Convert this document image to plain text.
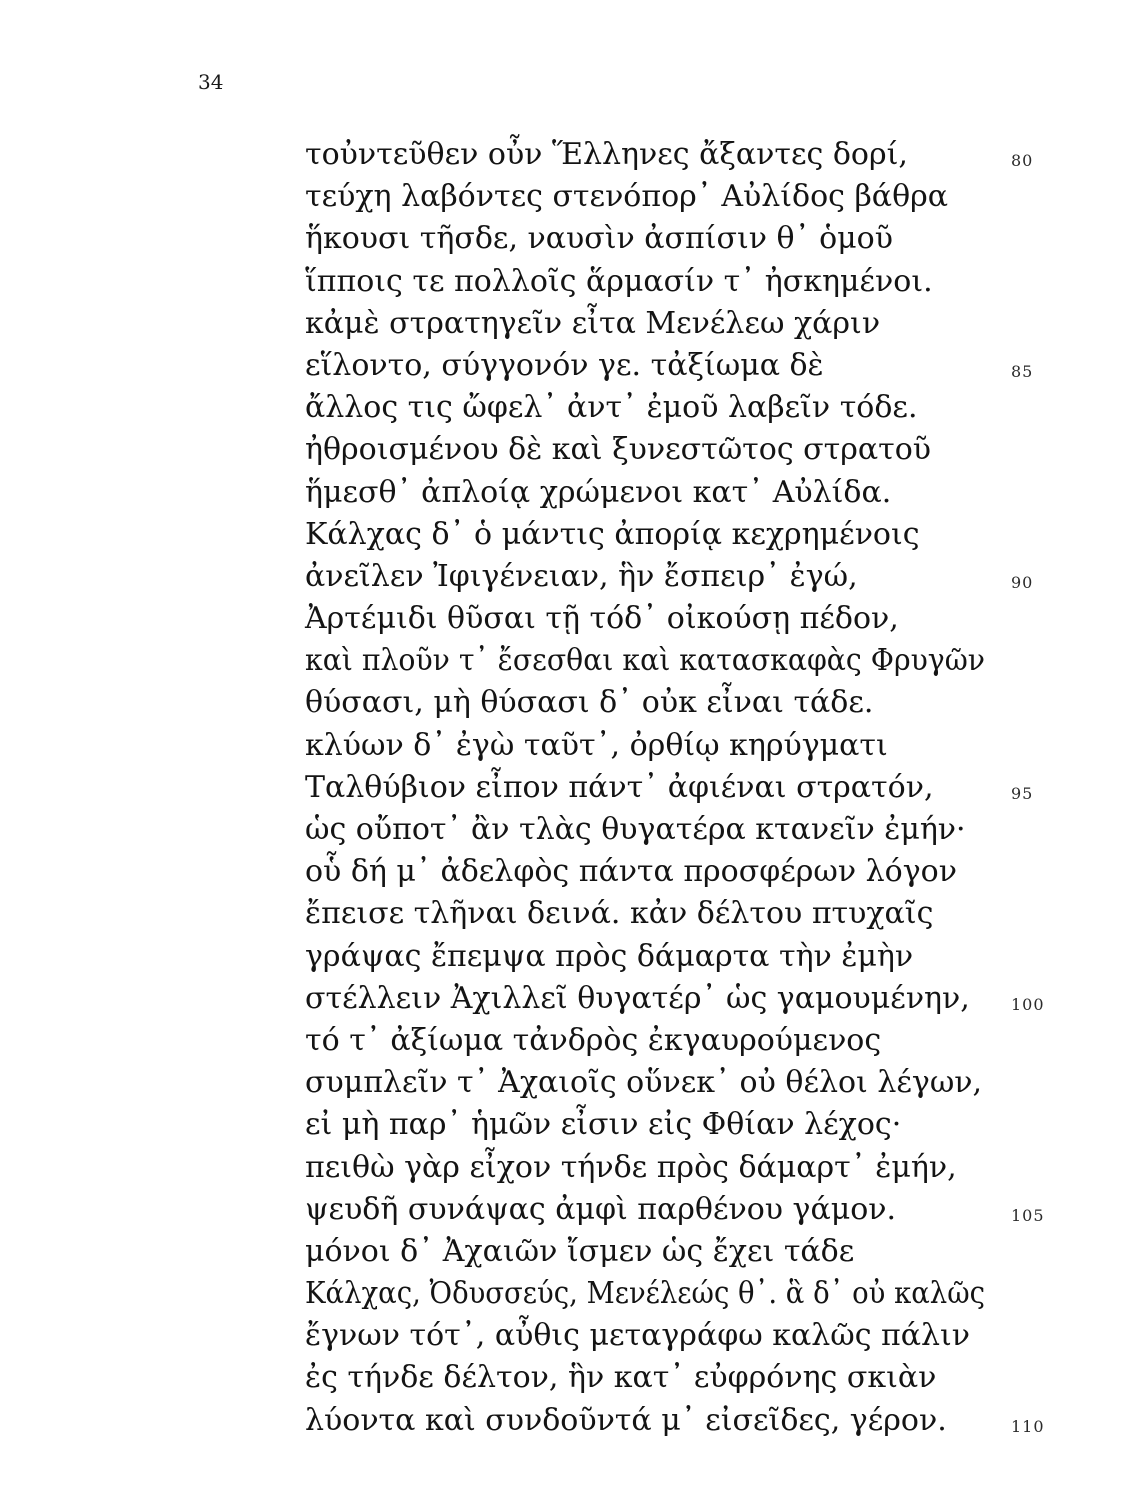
34
τοὐντεῦθεν οὖν Ἕλληνες ἄξαντες δορί,	80
τεύχη λαβόντες στενόπορ᾽ Αὐλίδος βάθρα
ἥκουσι τῆσδε, ναυσὶν ἀσπίσιν θ᾽ ὁμοῦ
ἵπποις τε πολλοῖς ἅρμασίν τ᾽ ἠσκημένοι.
κἀμὲ στρατηγεῖν εἶτα Μενέλεω χάριν
εἵλοντο, σύγγονόν γε. τἀξίωμα δὲ	85
ἄλλος τις ὤφελ᾽ ἀντ᾽ ἐμοῦ λαβεῖν τόδε.
ἠθροισμένου δὲ καὶ ξυνεστῶτος στρατοῦ
ἥμεσθ᾽ ἀπλοίᾳ χρώμενοι κατ᾽ Αὐλίδα.
Κάλχας δ᾽ ὁ μάντις ἀπορίᾳ κεχρημένοις
ἀνεῖλεν Ἰφιγένειαν, ἣν ἔσπειρ᾽ ἐγώ,	90
Ἀρτέμιδι θῦσαι τῇ τόδ᾽ οἰκούσῃ πέδον,
καὶ πλοῦν τ᾽ ἔσεσθαι καὶ κατασκαφὰς Φρυγῶν
θύσασι, μὴ θύσασι δ᾽ οὐκ εἶναι τάδε.
κλύων δ᾽ ἐγὼ ταῦτ᾽, ὀρθίῳ κηρύγματι
Ταλθύβιον εἶπον πάντ᾽ ἀφιέναι στρατόν,	95
ὡς οὔποτ᾽ ἂν τλὰς θυγατέρα κτανεῖν ἐμήν·
οὗ δή μ᾽ ἀδελφὸς πάντα προσφέρων λόγον
ἔπεισε τλῆναι δεινά. κἀν δέλτου πτυχαῖς
γράψας ἔπεμψα πρὸς δάμαρτα τὴν ἐμὴν
στέλλειν Ἀχιλλεῖ θυγατέρ᾽ ὡς γαμουμένην,	100
τό τ᾽ ἀξίωμα τἀνδρὸς ἐκγαυρούμενος
συμπλεῖν τ᾽ Ἀχαιοῖς οὕνεκ᾽ οὐ θέλοι λέγων,
εἰ μὴ παρ᾽ ἡμῶν εἶσιν εἰς Φθίαν λέχος·
πειθὼ γὰρ εἶχον τήνδε πρὸς δάμαρτ᾽ ἐμήν,
ψευδῆ συνάψας ἀμφὶ παρθένου γάμον.	105
μόνοι δ᾽ Ἀχαιῶν ἴσμεν ὡς ἔχει τάδε
Κάλχας, Ὀδυσσεύς, Μενέλεώς θ᾽. ἃ δ᾽ οὐ καλῶς
ἔγνων τότ᾽, αὖθις μεταγράφω καλῶς πάλιν
ἐς τήνδε δέλτον, ἣν κατ᾽ εὐφρόνης σκιὰν
λύοντα καὶ συνδοῦντά μ᾽ εἰσεῖδες, γέρον.	110
